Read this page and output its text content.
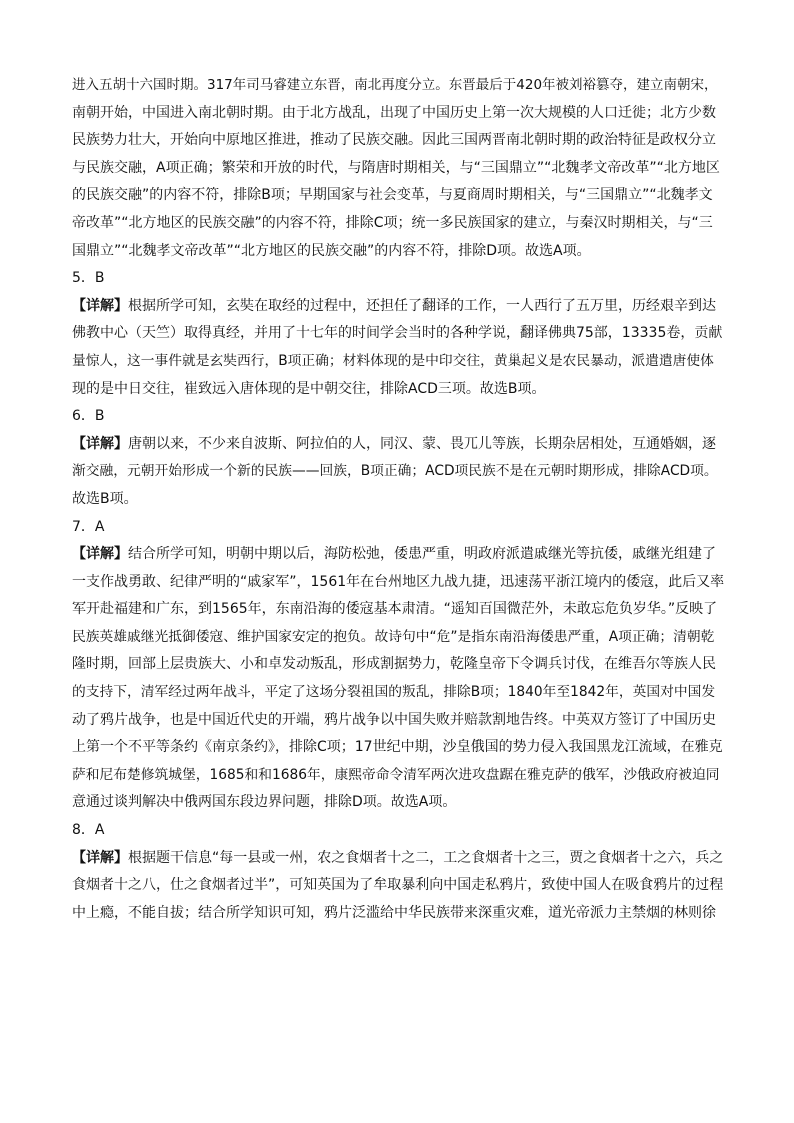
进入五胡十六国时期。317年司马睿建立东晋，南北再度分立。东晋最后于420年被刘裕篡夺，建立南朝宋，
南朝开始，中国进入南北朝时期。由于北方战乱，出现了中国历史上第一次大规模的人口迁徙；北方少数
民族势力壮大，开始向中原地区推进，推动了民族交融。因此三国两晋南北朝时期的政治特征是政权分立
与民族交融，A项正确；繁荣和开放的时代，与隋唐时期相关，与“三国鼎立”“北魏孝文帝改革”“北方地区
的民族交融”的内容不符，排除B项；早期国家与社会变革，与夏商周时期相关，与“三国鼎立”“北魏孝文
帝改革”“北方地区的民族交融”的内容不符，排除C项；统一多民族国家的建立，与秦汉时期相关，与“三
国鼎立”“北魏孝文帝改革”“北方地区的民族交融”的内容不符，排除D项。故选A项。
5．B
【详解】根据所学可知，玄奘在取经的过程中，还担任了翻译的工作，一人西行了五万里，历经艰辛到达
佛教中心（天竺）取得真经，并用了十七年的时间学会当时的各种学说，翻译佛典75部，13335卷，贡献
量惊人，这一事件就是玄奘西行，B项正确；材料体现的是中印交往，黄巢起义是农民暴动，派遣遣唐使体
现的是中日交往，崔致远入唐体现的是中朝交往，排除ACD三项。故选B项。
6．B
【详解】唐朝以来，不少来自波斯、阿拉伯的人，同汉、蒙、畏兀儿等族，长期杂居相处，互通婚姻，逐
渐交融，元朝开始形成一个新的民族——回族，B项正确；ACD项民族不是在元朝时期形成，排除ACD项。
故选B项。
7．A
【详解】结合所学可知，明朝中期以后，海防松弛，倭患严重，明政府派遣戚继光等抗倭，戚继光组建了
一支作战勇敢、纪律严明的“戚家军”，1561年在台州地区九战九捷，迅速荡平浙江境内的倭寇，此后又率
军开赴福建和广东，到1565年，东南沿海的倭寇基本肃清。“遥知百国微茫外，未敢忘危负岁华。”反映了
民族英雄戚继光抵御倭寇、维护国家安定的抱负。故诗句中“危”是指东南沿海倭患严重，A项正确；清朝乾
隆时期，回部上层贵族大、小和卓发动叛乱，形成割据势力，乾隆皇帝下令调兵讨伐，在维吾尔等族人民
的支持下，清军经过两年战斗，平定了这场分裂祖国的叛乱，排除B项；1840年至1842年，英国对中国发
动了鸦片战争，也是中国近代史的开端，鸦片战争以中国失败并赔款割地告终。中英双方签订了中国历史
上第一个不平等条约《南京条约》，排除C项；17世纪中期，沙皇俄国的势力侵入我国黑龙江流域，在雅克
萨和尼布楚修筑城堡，1685和和1686年，康熙帝命令清军两次进攻盘踞在雅克萨的俄军，沙俄政府被迫同
意通过谈判解决中俄两国东段边界问题，排除D项。故选A项。
8．A
【详解】根据题干信息“每一县或一州，农之食烟者十之二，工之食烟者十之三，贾之食烟者十之六，兵之
食烟者十之八，仕之食烟者过半”，可知英国为了牟取暴利向中国走私鸦片，致使中国人在吸食鸦片的过程
中上瘾，不能自拔；结合所学知识可知，鸦片泛滥给中华民族带来深重灾难，道光帝派力主禁烟的林则徐
